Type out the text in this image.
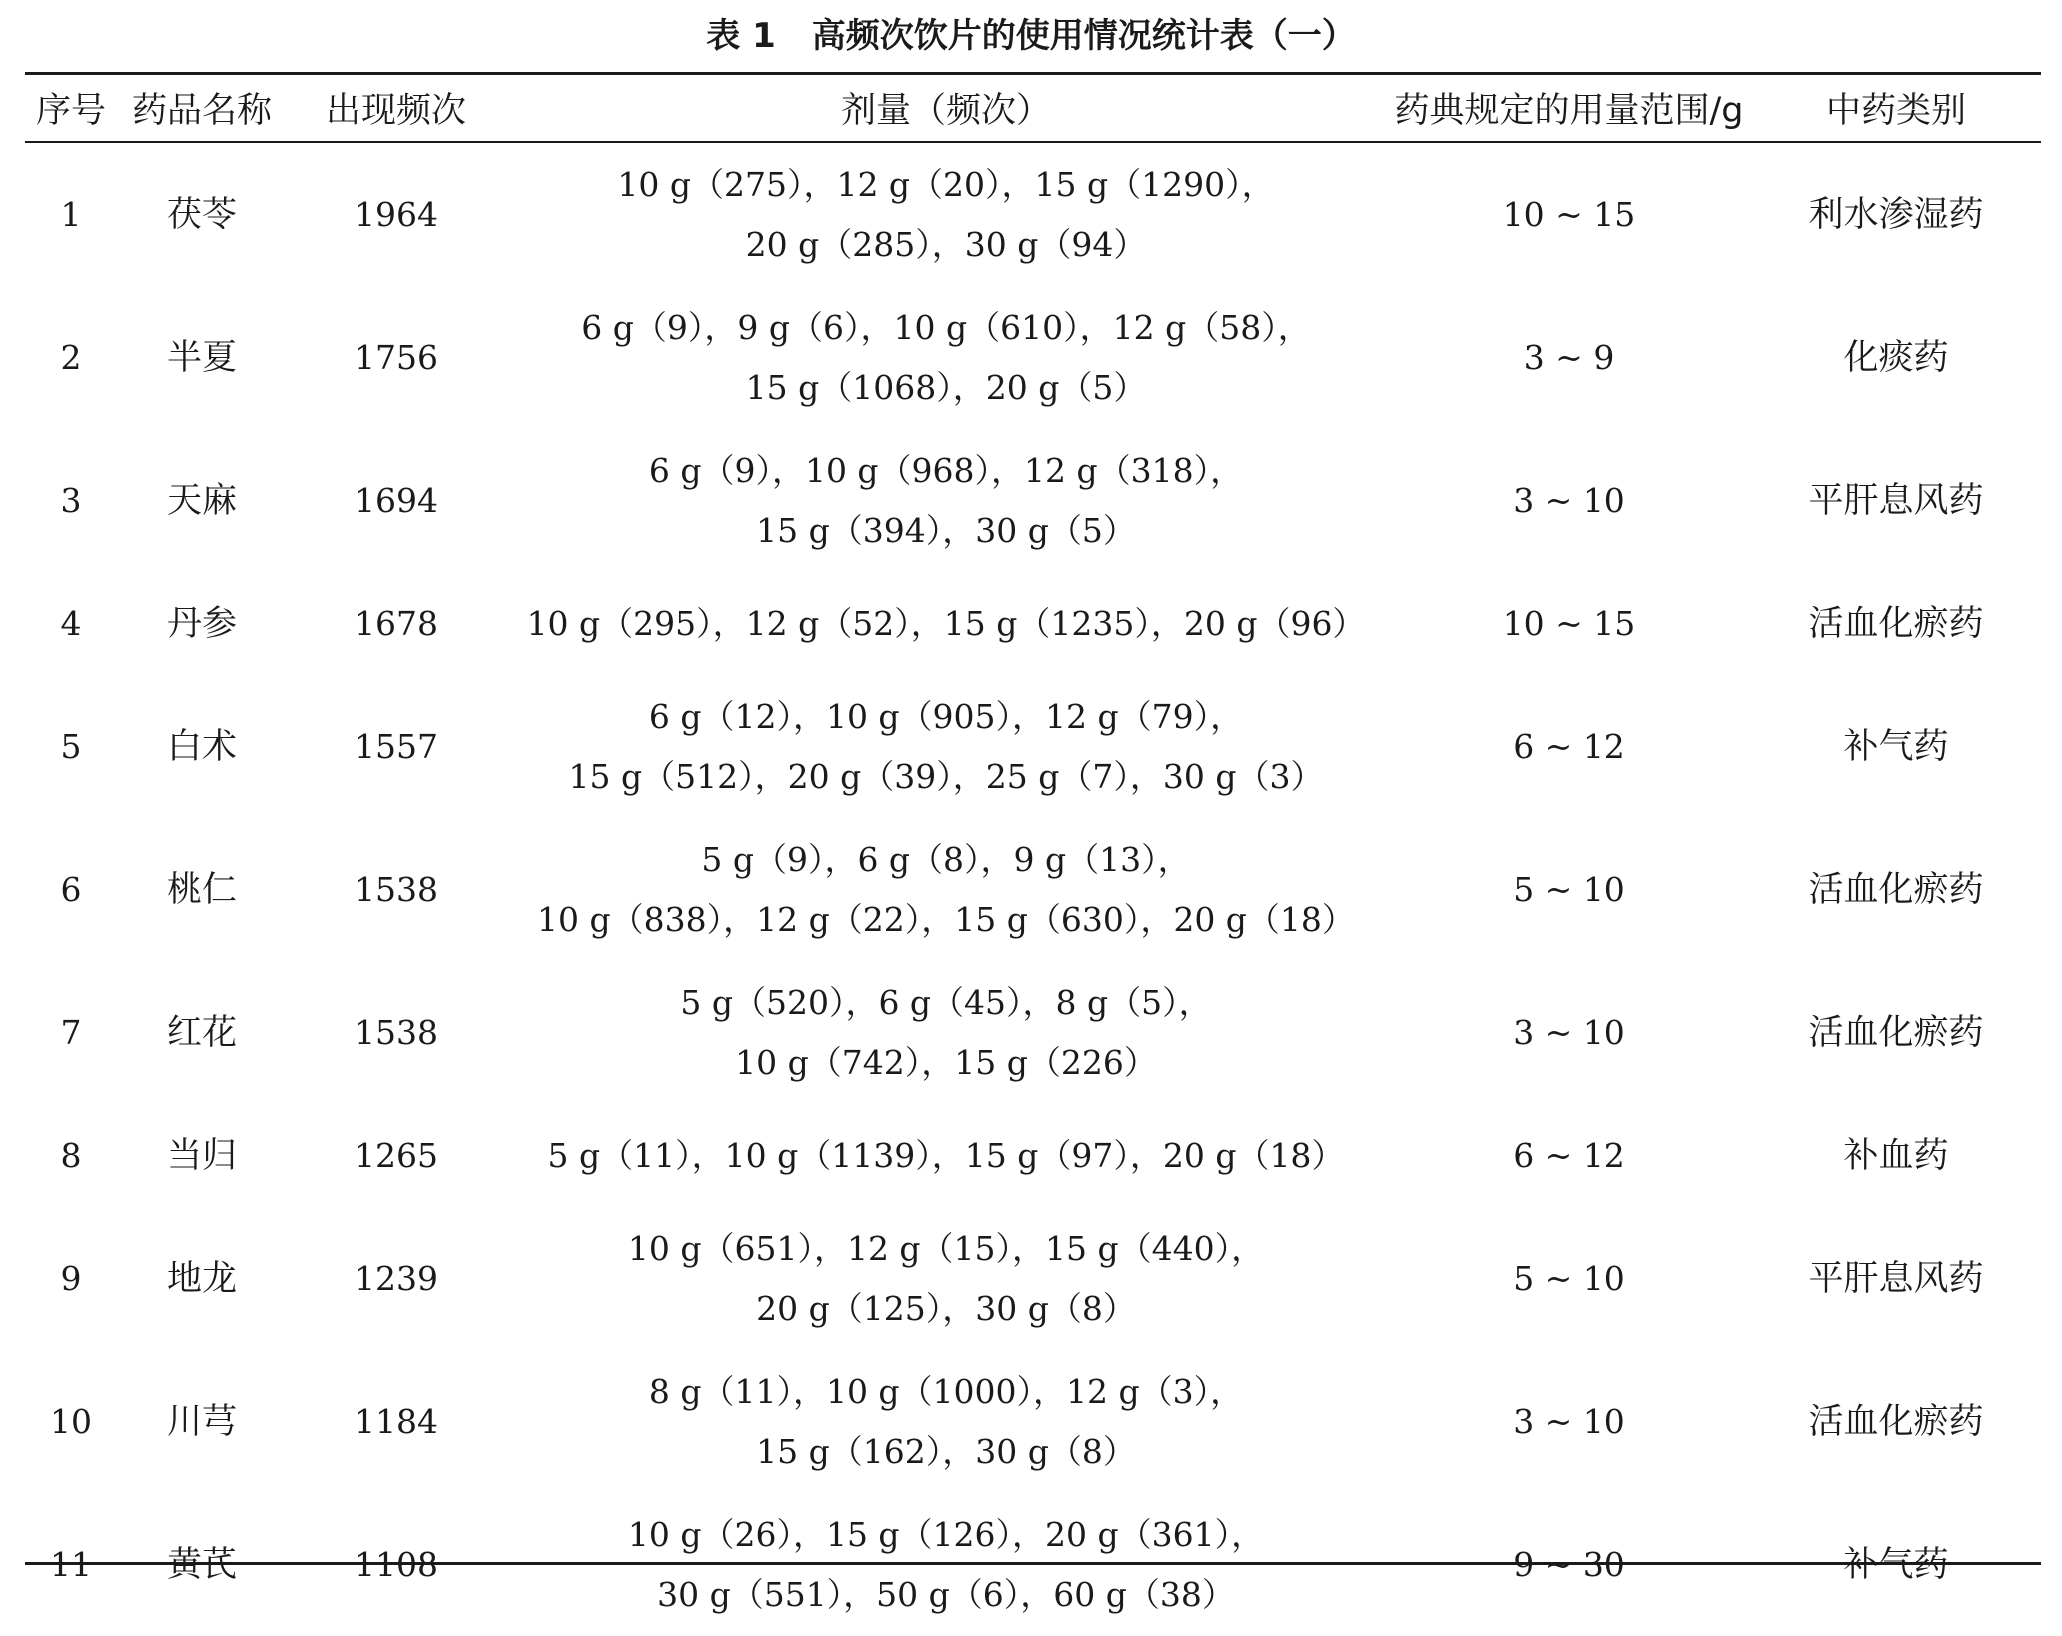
表 1 高频次饮片的使用情况统计表（一）
序号	药品名称	出现频次	剂量（频次）	药典规定的用量范围/g	中药类别
1	茯苓	1964	10 g（275），12 g（20），15 g（1290），
20 g（285），30 g（94）	10 ~ 15	利水渗湿药
2	半夏	1756	6 g（9），9 g（6），10 g（610），12 g（58），
15 g（1068），20 g（5）	3 ~ 9	化痰药
3	天麻	1694	6 g（9），10 g（968），12 g（318），
15 g（394），30 g（5）	3 ~ 10	平肝息风药
4	丹参	1678	10 g（295），12 g（52），15 g（1235），20 g（96）	10 ~ 15	活血化瘀药
5	白术	1557	6 g（12），10 g（905），12 g（79），
15 g（512），20 g（39），25 g（7），30 g（3）	6 ~ 12	补气药
6	桃仁	1538	5 g（9），6 g（8），9 g（13），
10 g（838），12 g（22），15 g（630），20 g（18）	5 ~ 10	活血化瘀药
7	红花	1538	5 g（520），6 g（45），8 g（5），
10 g（742），15 g（226）	3 ~ 10	活血化瘀药
8	当归	1265	5 g（11），10 g（1139），15 g（97），20 g（18）	6 ~ 12	补血药
9	地龙	1239	10 g（651），12 g（15），15 g（440），
20 g（125），30 g（8）	5 ~ 10	平肝息风药
10	川芎	1184	8 g（11），10 g（1000），12 g（3），
15 g（162），30 g（8）	3 ~ 10	活血化瘀药
11	黄芪	1108	10 g（26），15 g（126），20 g（361），
30 g（551），50 g（6），60 g（38）	9 ~ 30	补气药
